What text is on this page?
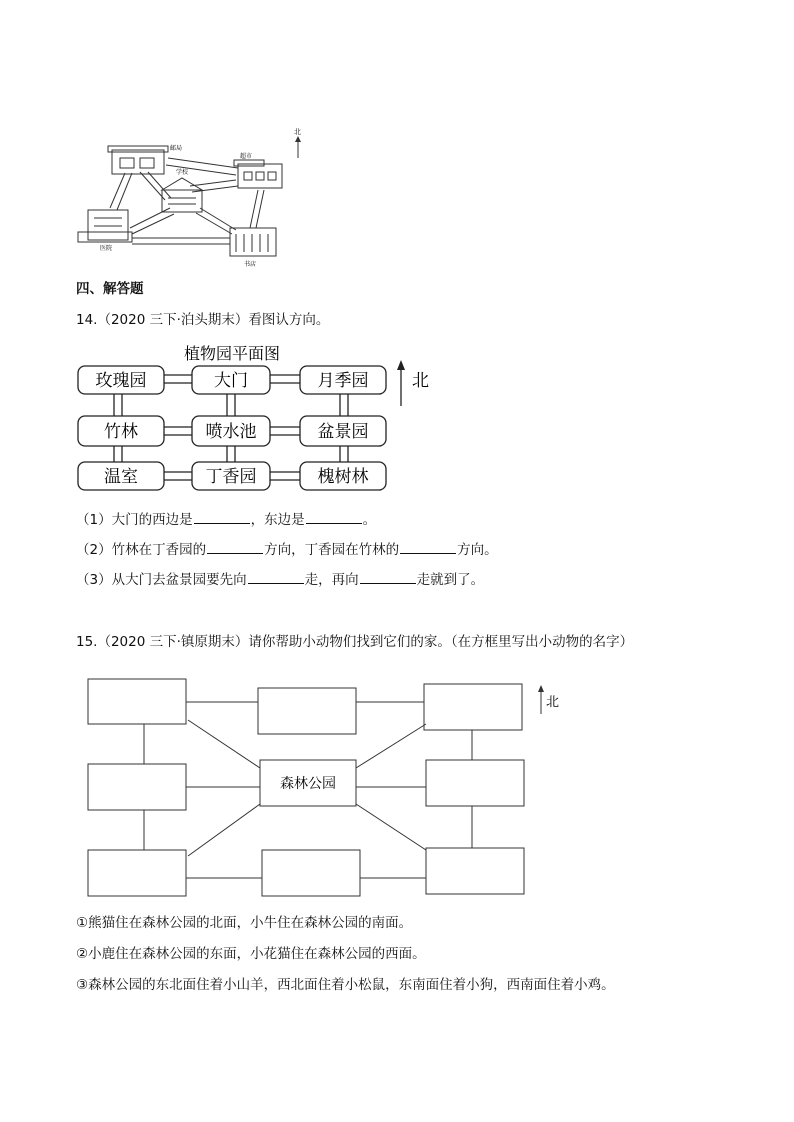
北
邮局
超市
学校
医院
书店
四、解答题
14.（2020 三下·泊头期末）看图认方向。
植物园平面图
北
玫瑰园	大门	月季园
竹林	喷水池	盆景园
温室	丁香园	槐树林
（1）大门的西边是	，东边是	。
（2）竹林在丁香园的	方向，丁香园在竹林的	方向。
（3）从大门去盆景园要先向	走，再向	走就到了。
15.（2020 三下·镇原期末）请你帮助小动物们找到它们的家。（在方框里写出小动物的名字）
森林公园
北
①熊猫住在森林公园的北面，小牛住在森林公园的南面。
②小鹿住在森林公园的东面，小花猫住在森林公园的西面。
③森林公园的东北面住着小山羊，西北面住着小松鼠，东南面住着小狗，西南面住着小鸡。
